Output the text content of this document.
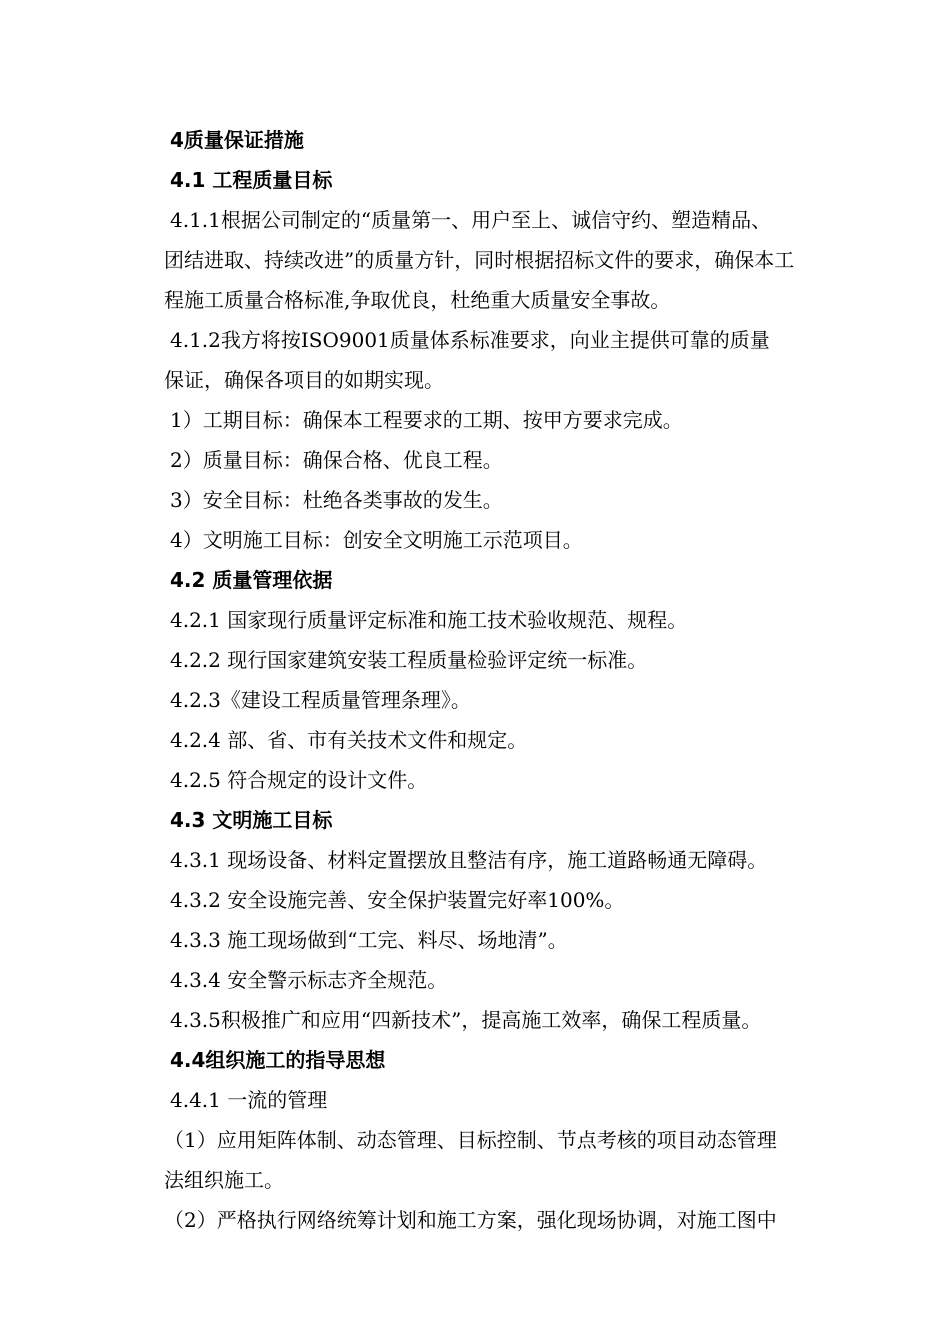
4质量保证措施

4.1 工程质量目标

4.1.1根据公司制定的“质量第一、用户至上、诚信守约、塑造精品、

团结进取、持续改进”的质量方针，同时根据招标文件的要求，确保本工

程施工质量合格标准,争取优良，杜绝重大质量安全事故。

4.1.2我方将按ISO9001质量体系标准要求，向业主提供可靠的质量

保证，确保各项目的如期实现。

1）工期目标：确保本工程要求的工期、按甲方要求完成。

2）质量目标：确保合格、优良工程。

3）安全目标：杜绝各类事故的发生。

4）文明施工目标：创安全文明施工示范项目。

4.2 质量管理依据

4.2.1 国家现行质量评定标准和施工技术验收规范、规程。

4.2.2 现行国家建筑安装工程质量检验评定统一标准。

4.2.3《建设工程质量管理条理》。

4.2.4 部、省、市有关技术文件和规定。

4.2.5 符合规定的设计文件。

4.3 文明施工目标

4.3.1 现场设备、材料定置摆放且整洁有序，施工道路畅通无障碍。

4.3.2 安全设施完善、安全保护装置完好率100%。

4.3.3 施工现场做到“工完、料尽、场地清”。

4.3.4 安全警示标志齐全规范。

4.3.5积极推广和应用“四新技术”，提高施工效率，确保工程质量。

4.4组织施工的指导思想

4.4.1 一流的管理

（1）应用矩阵体制、动态管理、目标控制、节点考核的项目动态管理

法组织施工。

（2）严格执行网络统筹计划和施工方案，强化现场协调，对施工图中
